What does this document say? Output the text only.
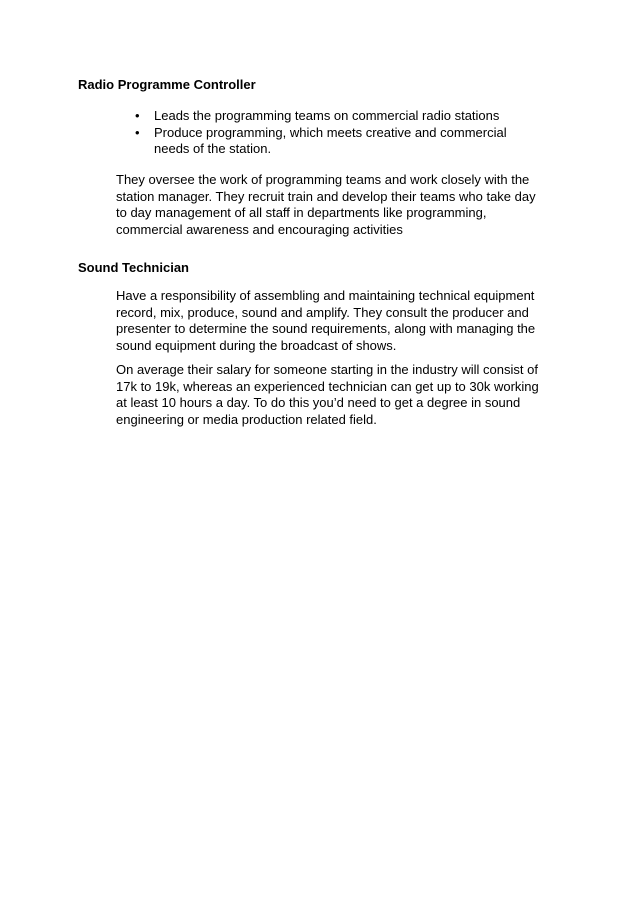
Radio Programme Controller
• Leads the programming teams on commercial radio stations
• Produce programming, which meets creative and commercial needs of the station.

They oversee the work of programming teams and work closely with the station manager. They recruit train and develop their teams who take day to day management of all staff in departments like programming, commercial awareness and encouraging activities

Sound Technician

Have a responsibility of assembling and maintaining technical equipment record, mix, produce, sound and amplify. They consult the producer and presenter to determine the sound requirements, along with managing the sound equipment during the broadcast of shows.

On average their salary for someone starting in the industry will consist of 17k to 19k, whereas an experienced technician can get up to 30k working at least 10 hours a day. To do this you’d need to get a degree in sound engineering or media production related field.
